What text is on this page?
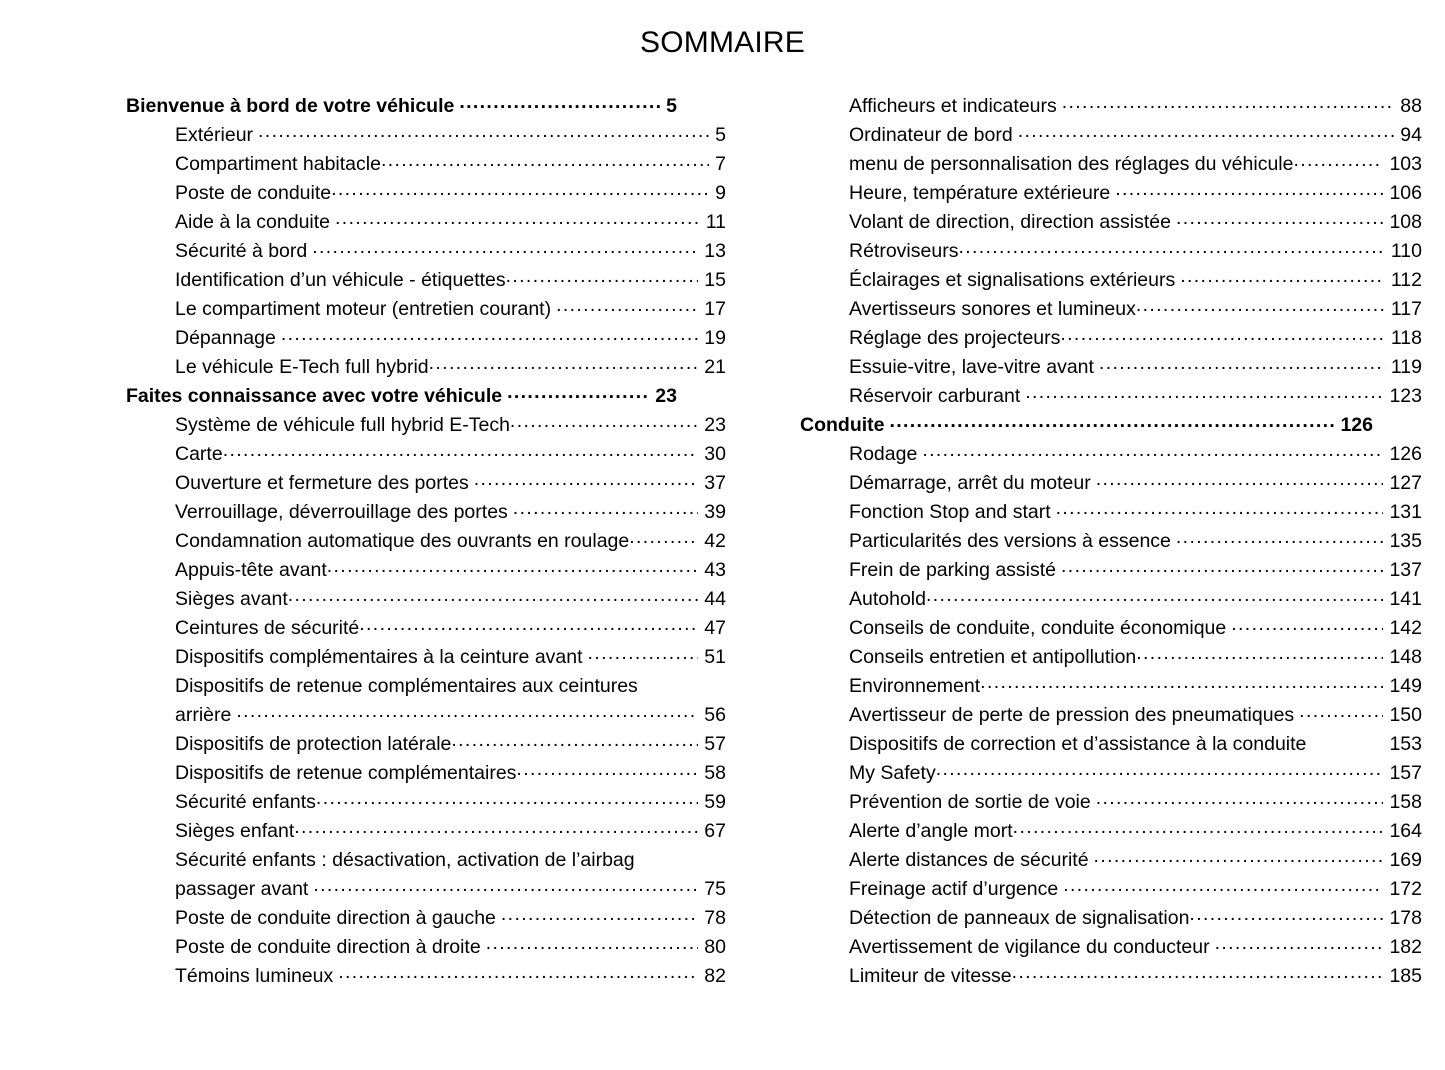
SOMMAIRE
Bienvenue à bord de votre véhicule .....	5
Extérieur .....	5
Compartiment habitacle .....	7
Poste de conduite .....	9
Aide à la conduite .....	11
Sécurité à bord .....	13
Identification d’un véhicule - étiquettes .....	15
Le compartiment moteur (entretien courant) .....	17
Dépannage .....	19
Le véhicule E-Tech full hybrid .....	21
Faites connaissance avec votre véhicule .....	23
Système de véhicule full hybrid E-Tech .....	23
Carte .....	30
Ouverture et fermeture des portes .....	37
Verrouillage, déverrouillage des portes .....	39
Condamnation automatique des ouvrants en roulage .....	42
Appuis-tête avant .....	43
Sièges avant .....	44
Ceintures de sécurité .....	47
Dispositifs complémentaires à la ceinture avant .....	51
Dispositifs de retenue complémentaires aux ceintures
arrière .....	56
Dispositifs de protection latérale .....	57
Dispositifs de retenue complémentaires .....	58
Sécurité enfants .....	59
Sièges enfant .....	67
Sécurité enfants : désactivation, activation de l’airbag
passager avant .....	75
Poste de conduite direction à gauche .....	78
Poste de conduite direction à droite .....	80
Témoins lumineux .....	82
Afficheurs et indicateurs .....	88
Ordinateur de bord .....	94
menu de personnalisation des réglages du véhicule .....	103
Heure, température extérieure .....	106
Volant de direction, direction assistée .....	108
Rétroviseurs .....	110
Éclairages et signalisations extérieurs .....	112
Avertisseurs sonores et lumineux .....	117
Réglage des projecteurs .....	118
Essuie-vitre, lave-vitre avant .....	119
Réservoir carburant .....	123
Conduite .....	126
Rodage .....	126
Démarrage, arrêt du moteur .....	127
Fonction Stop and start .....	131
Particularités des versions à essence .....	135
Frein de parking assisté .....	137
Autohold .....	141
Conseils de conduite, conduite économique .....	142
Conseils entretien et antipollution .....	148
Environnement .....	149
Avertisseur de perte de pression des pneumatiques .....	150
Dispositifs de correction et d’assistance à la conduite	153
My Safety .....	157
Prévention de sortie de voie .....	158
Alerte d’angle mort .....	164
Alerte distances de sécurité .....	169
Freinage actif d’urgence .....	172
Détection de panneaux de signalisation .....	178
Avertissement de vigilance du conducteur .....	182
Limiteur de vitesse .....	185
